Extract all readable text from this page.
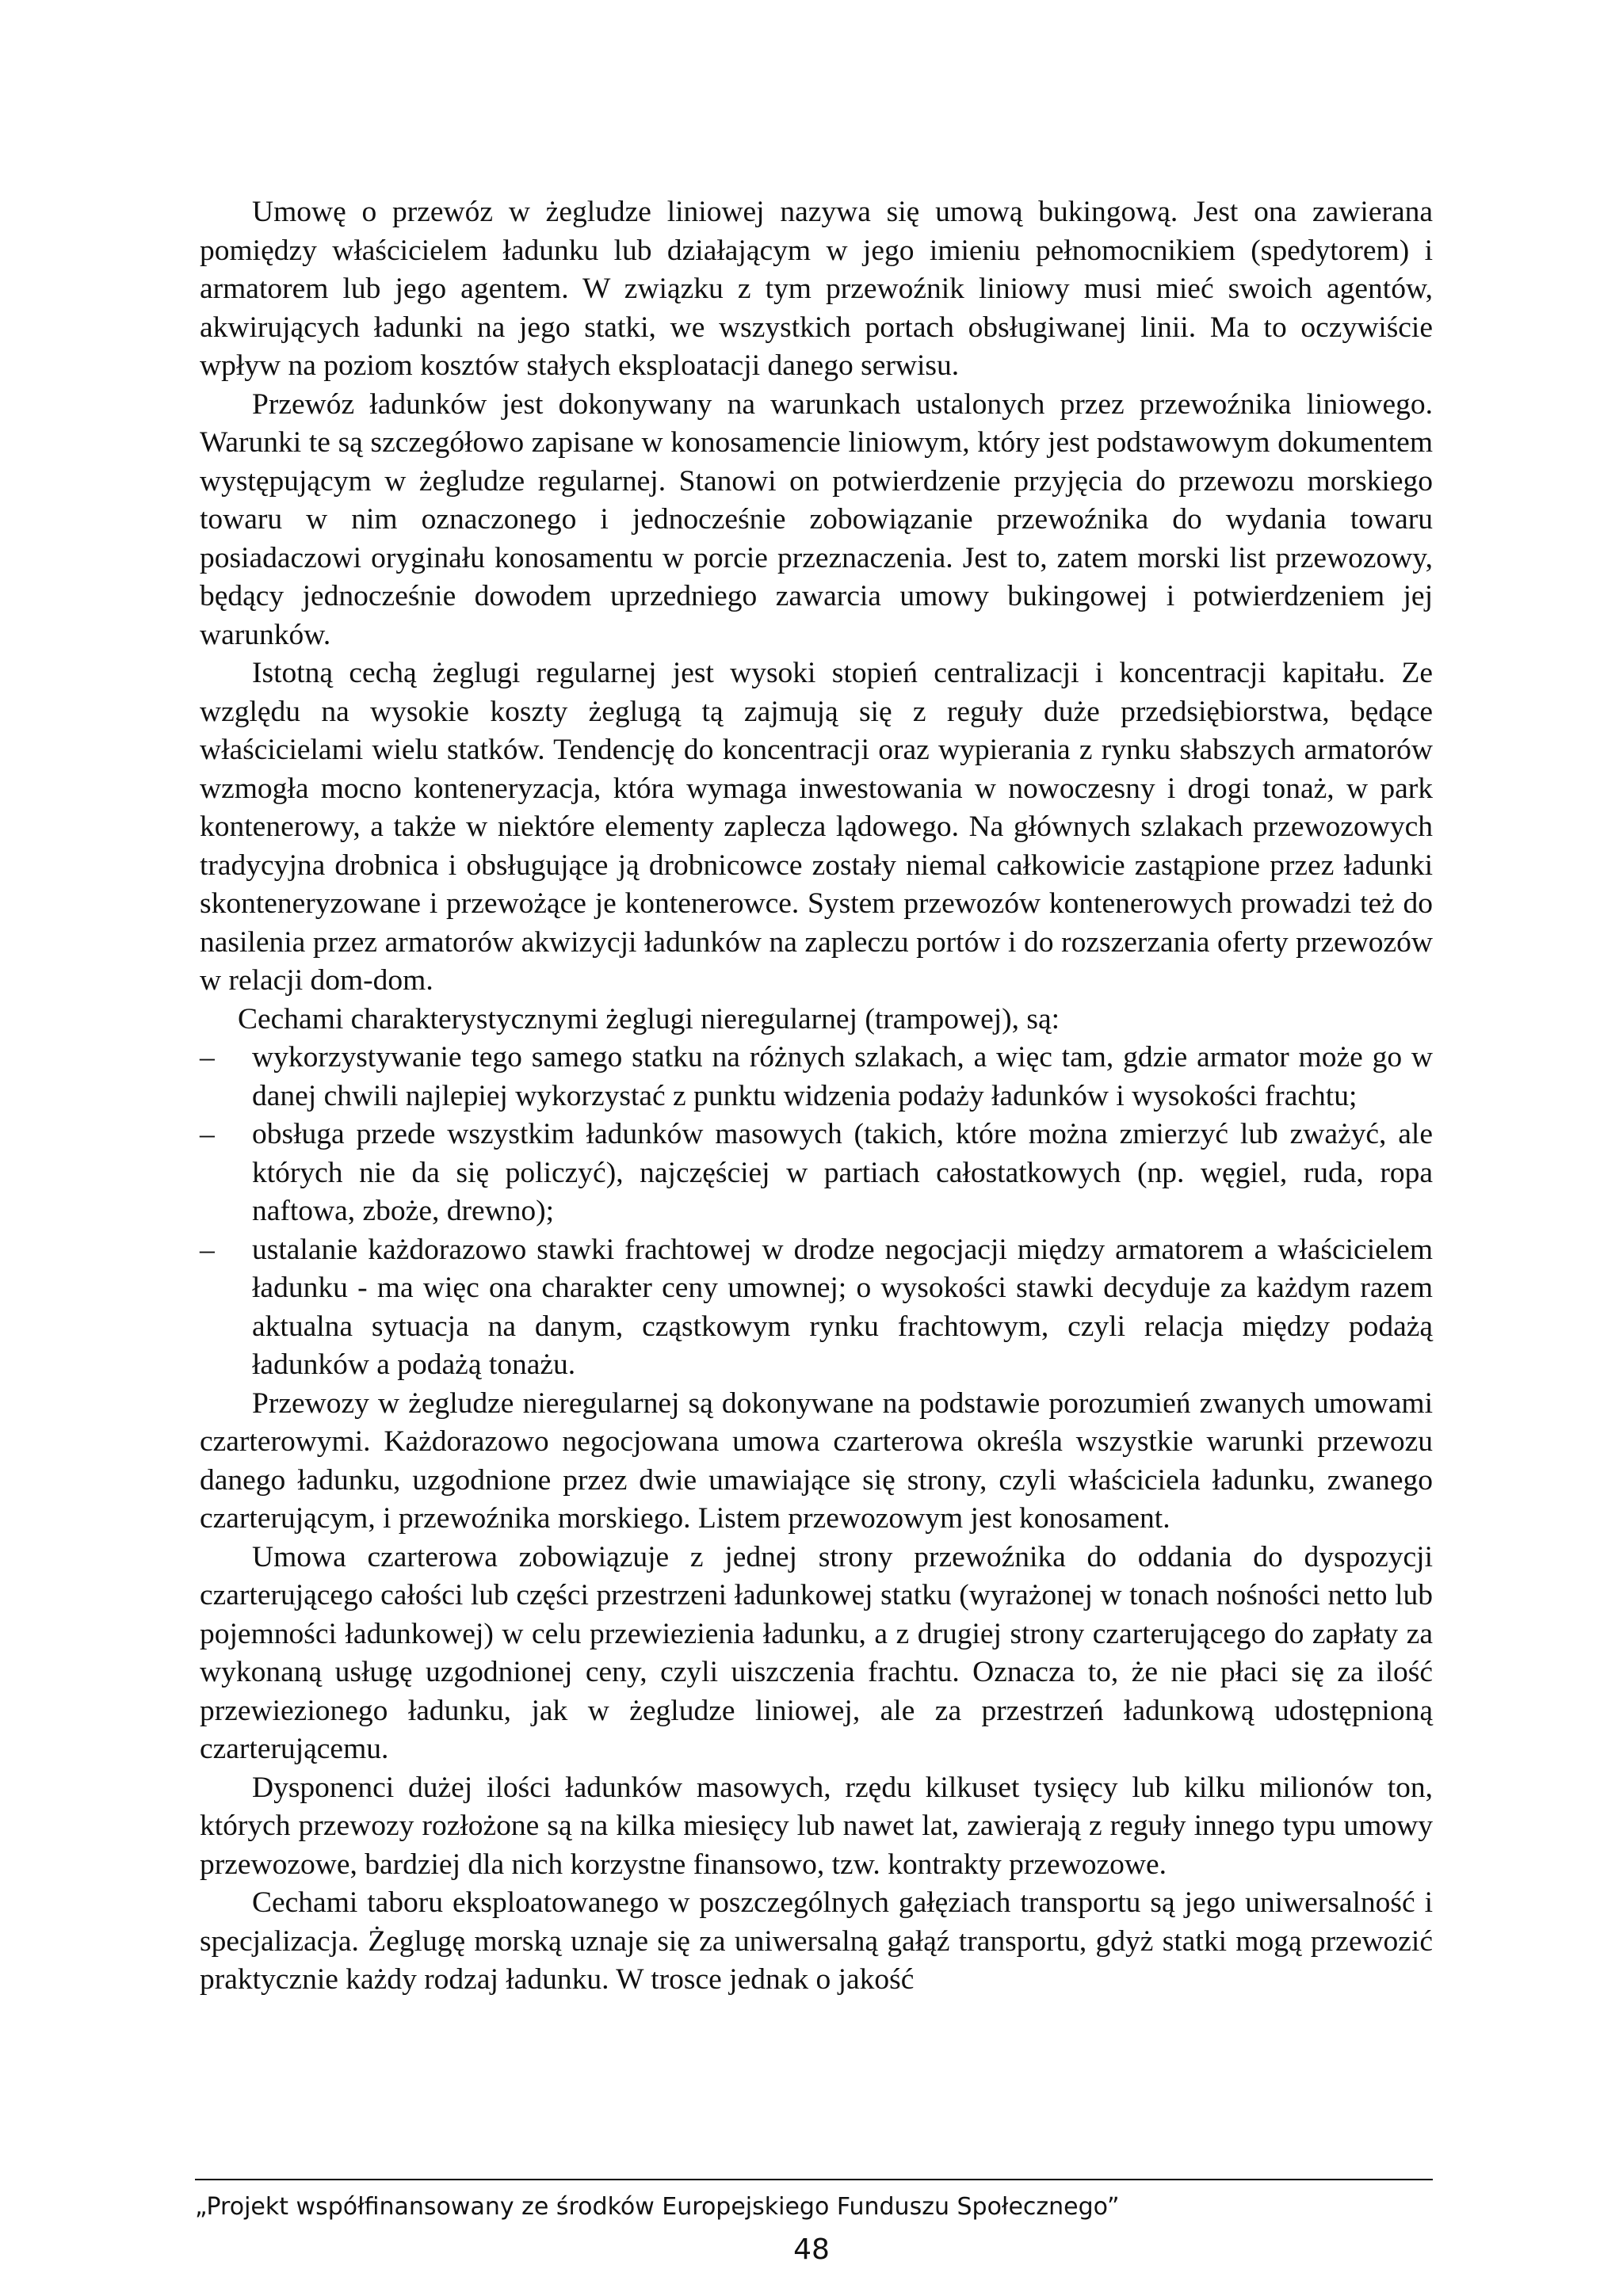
Umowę o przewóz w żegludze liniowej nazywa się umową bukingową. Jest ona zawierana pomiędzy właścicielem ładunku lub działającym w jego imieniu pełnomocnikiem (spedytorem) i armatorem lub jego agentem. W związku z tym przewoźnik liniowy musi mieć swoich agentów, akwirujących ładunki na jego statki, we wszystkich portach obsługiwanej linii. Ma to oczywiście wpływ na poziom kosztów stałych eksploatacji danego serwisu.

Przewóz ładunków jest dokonywany na warunkach ustalonych przez przewoźnika liniowego. Warunki te są szczegółowo zapisane w konosamencie liniowym, który jest podstawowym dokumentem występującym w żegludze regularnej. Stanowi on potwierdzenie przyjęcia do przewozu morskiego towaru w nim oznaczonego i jednocześnie zobowiązanie przewoźnika do wydania towaru posiadaczowi oryginału konosamentu w porcie przeznaczenia. Jest to, zatem morski list przewozowy, będący jednocześnie dowodem uprzedniego zawarcia umowy bukingowej i potwierdzeniem jej warunków.

Istotną cechą żeglugi regularnej jest wysoki stopień centralizacji i koncentracji kapitału. Ze względu na wysokie koszty żeglugą tą zajmują się z reguły duże przedsiębiorstwa, będące właścicielami wielu statków. Tendencję do koncentracji oraz wypierania z rynku słabszych armatorów wzmogła mocno konteneryzacja, która wymaga inwestowania w nowoczesny i drogi tonaż, w park kontenerowy, a także w niektóre elementy zaplecza lądowego. Na głównych szlakach przewozowych tradycyjna drobnica i obsługujące ją drobnicowce zostały niemal całkowicie zastąpione przez ładunki skonteneryzowane i przewożące je kontenerowce. System przewozów kontenerowych prowadzi też do nasilenia przez armatorów akwizycji ładunków na zapleczu portów i do rozszerzania oferty przewozów w relacji dom-dom.

Cechami charakterystycznymi żeglugi nieregularnej (trampowej), są:

– wykorzystywanie tego samego statku na różnych szlakach, a więc tam, gdzie armator może go w danej chwili najlepiej wykorzystać z punktu widzenia podaży ładunków i wysokości frachtu;
– obsługa przede wszystkim ładunków masowych (takich, które można zmierzyć lub zważyć, ale których nie da się policzyć), najczęściej w partiach całostatkowych (np. węgiel, ruda, ropa naftowa, zboże, drewno);
– ustalanie każdorazowo stawki frachtowej w drodze negocjacji między armatorem a właścicielem ładunku - ma więc ona charakter ceny umownej; o wysokości stawki decyduje za każdym razem aktualna sytuacja na danym, cząstkowym rynku frachtowym, czyli relacja między podażą ładunków a podażą tonażu.

Przewozy w żegludze nieregularnej są dokonywane na podstawie porozumień zwanych umowami czarterowymi. Każdorazowo negocjowana umowa czarterowa określa wszystkie warunki przewozu danego ładunku, uzgodnione przez dwie umawiające się strony, czyli właściciela ładunku, zwanego czarterującym, i przewoźnika morskiego. Listem przewozowym jest konosament.

Umowa czarterowa zobowiązuje z jednej strony przewoźnika do oddania do dyspozycji czarterującego całości lub części przestrzeni ładunkowej statku (wyrażonej w tonach nośności netto lub pojemności ładunkowej) w celu przewiezienia ładunku, a z drugiej strony czarterującego do zapłaty za wykonaną usługę uzgodnionej ceny, czyli uiszczenia frachtu. Oznacza to, że nie płaci się za ilość przewiezionego ładunku, jak w żegludze liniowej, ale za przestrzeń ładunkową udostępnioną czarterującemu.

Dysponenci dużej ilości ładunków masowych, rzędu kilkuset tysięcy lub kilku milionów ton, których przewozy rozłożone są na kilka miesięcy lub nawet lat, zawierają z reguły innego typu umowy przewozowe, bardziej dla nich korzystne finansowo, tzw. kontrakty przewozowe.

Cechami taboru eksploatowanego w poszczególnych gałęziach transportu są jego uniwersalność i specjalizacja. Żeglugę morską uznaje się za uniwersalną gałąź transportu, gdyż statki mogą przewozić praktycznie każdy rodzaj ładunku. W trosce jednak o jakość

„Projekt współfinansowany ze środków Europejskiego Funduszu Społecznego”
48
